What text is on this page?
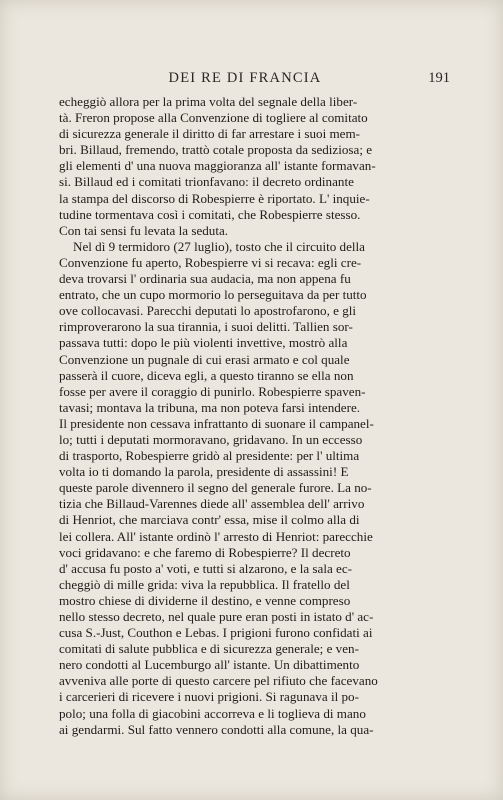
DEI RE DI FRANCIA	191
echeggiò allora per la prima volta del segnale della liber-
tà. Freron propose alla Convenzione di togliere al comitato
di sicurezza generale il diritto di far arrestare i suoi mem-
bri. Billaud, fremendo, trattò cotale proposta da sediziosa; e
gli elementi d' una nuova maggioranza all' istante formavan-
si. Billaud ed i comitati trionfavano: il decreto ordinante
la stampa del discorso di Robespierre è riportato. L' inquie-
tudine tormentava così i comitati, che Robespierre stesso.
Con tai sensi fu levata la seduta.
Nel dì 9 termidoro (27 luglio), tosto che il circuito della
Convenzione fu aperto, Robespierre vi si recava: egli cre-
deva trovarsi l' ordinaria sua audacia, ma non appena fu
entrato, che un cupo mormorio lo perseguitava da per tutto
ove collocavasi. Parecchi deputati lo apostrofarono, e gli
rimproverarono la sua tirannia, i suoi delitti. Tallien sor-
passava tutti: dopo le più violenti invettive, mostrò alla
Convenzione un pugnale di cui erasi armato e col quale
passerà il cuore, diceva egli, a questo tiranno se ella non
fosse per avere il coraggio di punirlo. Robespierre spaven-
tavasi; montava la tribuna, ma non poteva farsi intendere.
Il presidente non cessava infrattanto di suonare il campanel-
lo; tutti i deputati mormoravano, gridavano. In un eccesso
di trasporto, Robespierre gridò al presidente: per l' ultima
volta io ti domando la parola, presidente di assassini! E
queste parole divennero il segno del generale furore. La no-
tizia che Billaud-Varennes diede all' assemblea dell' arrivo
di Henriot, che marciava contr' essa, mise il colmo alla di
lei collera. All' istante ordinò l' arresto di Henriot: parecchie
voci gridavano: e che faremo di Robespierre? Il decreto
d' accusa fu posto a' voti, e tutti si alzarono, e la sala ec-
cheggiò di mille grida: viva la repubblica. Il fratello del
mostro chiese di dividerne il destino, e venne compreso
nello stesso decreto, nel quale pure eran posti in istato d' ac-
cusa S.-Just, Couthon e Lebas. I prigioni furono confidati ai
comitati di salute pubblica e di sicurezza generale; e ven-
nero condotti al Lucemburgo all' istante. Un dibattimento
avveniva alle porte di questo carcere pel rifiuto che facevano
i carcerieri di ricevere i nuovi prigioni. Si ragunava il po-
polo; una folla di giacobini accorreva e li toglieva di mano
ai gendarmi. Sul fatto vennero condotti alla comune, la qua-
